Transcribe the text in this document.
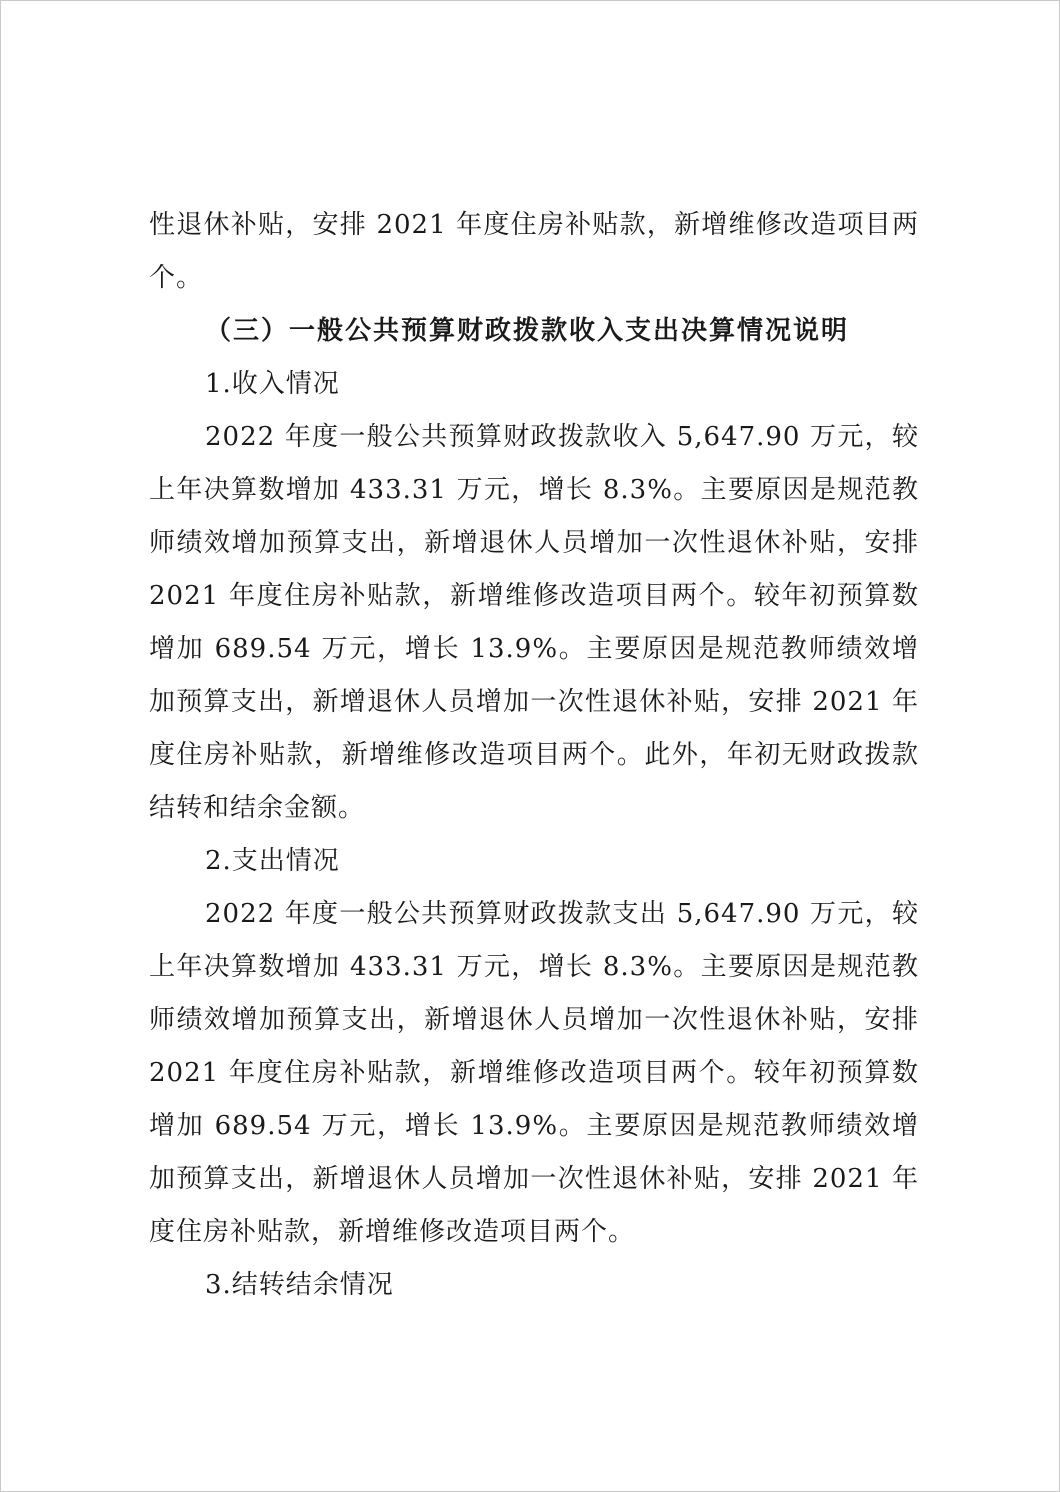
性退休补贴，安排 2021 年度住房补贴款，新增维修改造项目两个。

（三）一般公共预算财政拨款收入支出决算情况说明

1.收入情况

2022 年度一般公共预算财政拨款收入 5,647.90 万元，较上年决算数增加 433.31 万元，增长 8.3%。主要原因是规范教师绩效增加预算支出，新增退休人员增加一次性退休补贴，安排 2021 年度住房补贴款，新增维修改造项目两个。较年初预算数增加 689.54 万元，增长 13.9%。主要原因是规范教师绩效增加预算支出，新增退休人员增加一次性退休补贴，安排 2021 年度住房补贴款，新增维修改造项目两个。此外，年初无财政拨款结转和结余金额。

2.支出情况

2022 年度一般公共预算财政拨款支出 5,647.90 万元，较上年决算数增加 433.31 万元，增长 8.3%。主要原因是规范教师绩效增加预算支出，新增退休人员增加一次性退休补贴，安排 2021 年度住房补贴款，新增维修改造项目两个。较年初预算数增加 689.54 万元，增长 13.9%。主要原因是规范教师绩效增加预算支出，新增退休人员增加一次性退休补贴，安排 2021 年度住房补贴款，新增维修改造项目两个。

3.结转结余情况
